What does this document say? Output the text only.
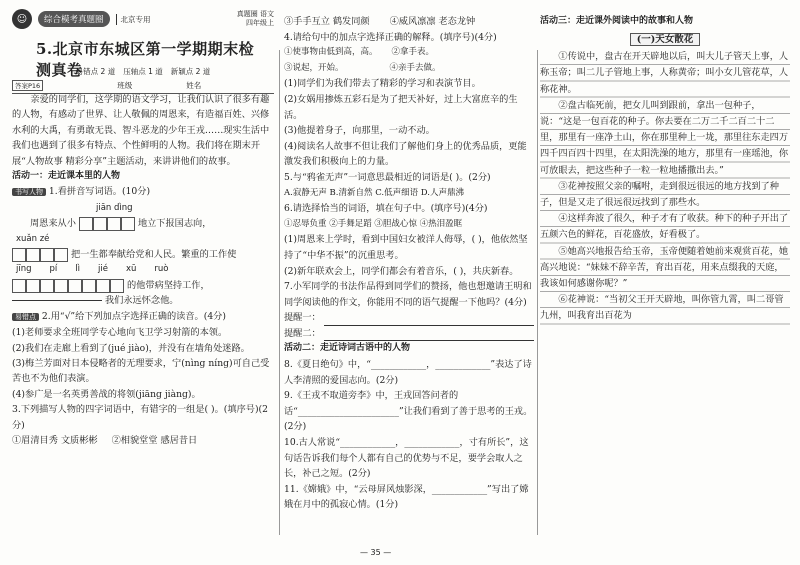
☺	综合模考真题圈	北京专用
真题圈 语文
四年级上
5.北京市东城区第一学期期末检测真卷
易错点 2 道 压轴点 1 道 新颖点 2 道
答案P16	班级	姓名

亲爱的同学们，这学期的语文学习，让我们认识了很多有趣的人物，有感动了世界、让人敬佩的周恩来，有造福百姓、兴修水利的大禹，有勇敢无畏、智斗恶龙的少年王戎……现实生活中我们也遇到了很多有特点、个性鲜明的人物。我们将在期末开展“人物故事 精彩分享”主题活动，来讲讲他们的故事。

活动一：走近课本里的人物
书写人物 1.看拼音写词语。(10分)
jiān dìng
周恩来从小	地立下报国志向，
xuǎn zé
把一生都奉献给党和人民。繁重的工作使
jīng pí lì jié xū ruò
的他带病坚持工作，
我们永远怀念他。
易错点 2.用“√”给下列加点字选择正确的读音。(4分)
(1)老师要求全班同学专心地向飞卫学习射箭的本领。
(2)我们在走廊上看到了(jué jiào)，并没有在墙角处迷路。
(3)梅兰芳面对日本侵略者的无理要求，宁(nìng níng)可自己受苦也不为他们表演。
(4)参广是一名英勇善战的将领(jiāng jiàng)。
3.下列描写人物的四字词语中，有错字的一组是( )。(填序号)(2分)
①眉清目秀 文质彬彬 ②相貌堂堂 感居昔日
③手手互立 鹤发同颜 ④威风凛凛 老态龙钟
4.请给句中的加点字选择正确的解释。(填序号)(4分)
①使事物由低到高，高。 ②拿手表。
③说起，开始。	④亲手去做。
(1)同学们为我们带去了精彩的学习和表演节目。
(2)女娲用掺炼五彩石是为了把天补好，过上大富庶辛的生活。
(3)他提着身子，向那里，一动不动。
(4)阅读名人故事不但让我们了解他们身上的优秀品质，更能激发我们积极向上的力量。
5.与“鸦雀无声”一词意思最相近的词语是( )。(2分)
A.寂静无声 B.清新自然 C.低声细语 D.人声鼎沸
6.请选择恰当的词语，填在句子中。(填序号)(4分)
①忍辱负重 ②手舞足蹈 ③胆战心惊 ④热泪盈眶
(1)周恩来上学时，看到中国妇女被洋人侮辱，( )，他依然坚持了“中华不振”的沉重思考。
(2)新年联欢会上，同学们都会有着音乐，( )，共庆新春。
7.小军同学的书法作品得到同学们的赞扬，他也想邀请王明和同学阅读他的作文，你能用不同的语气提醒一下他吗？(4分)
提醒一：
提醒二：
活动二：走近诗词古语中的人物
8.《夏日绝句》中，“____________，____________”表达了诗人李清照的爱国志向。(2分)
9.《王戎不取道旁李》中，王戎回答问者的话“______________________”让我们看到了善于思考的王戎。(2分)
10.古人常说“____________，____________，寸有所长”，这句话告诉我们每个人都有自己的优势与不足，要学会取人之长，补己之短。(2分)
11.《嫦娥》中，“云母屏风烛影深，____________”写出了嫦娥在月中的孤寂心情。(1分)
活动三：走近课外阅读中的故事和人物
(一)天女散花

①传说中，盘古在开天辟地以后，叫大儿子管天上事，人称玉帝；叫二儿子管地上事，人称黄帝；叫小女儿管花草，人称花神。

②盘古临死前，把女儿叫到跟前，拿出一包种子，说：“这是一包百花的种子。你去要在二万二千二百二十二里，那里有一座净土山，你在那里种上一垅，那里往东走四万四千四百四十四里，在太阳洗澡的地方，那里有一座瑶池，你可放眼去，把这些种子一粒一粒地播撒出去。”

③花神按照父亲的嘱咐，走到很远很远的地方找到了种子，但是又走了很远很远找到了那些水。

④这样奔波了很久，种子才有了收获。种下的种子开出了五颜六色的鲜花，百花盛放，好看极了。

⑤她高兴地报告给玉帝，玉帝便随着她前来观赏百花，她高兴地说：“妹妹不辞辛苦，育出百花，用来点缀我的天庭，我该如何感谢你呢？”

⑥花神说：“当初父王开天辟地，叫你管九霄，叫二哥管九州，叫我育出百花为

— 35 —
